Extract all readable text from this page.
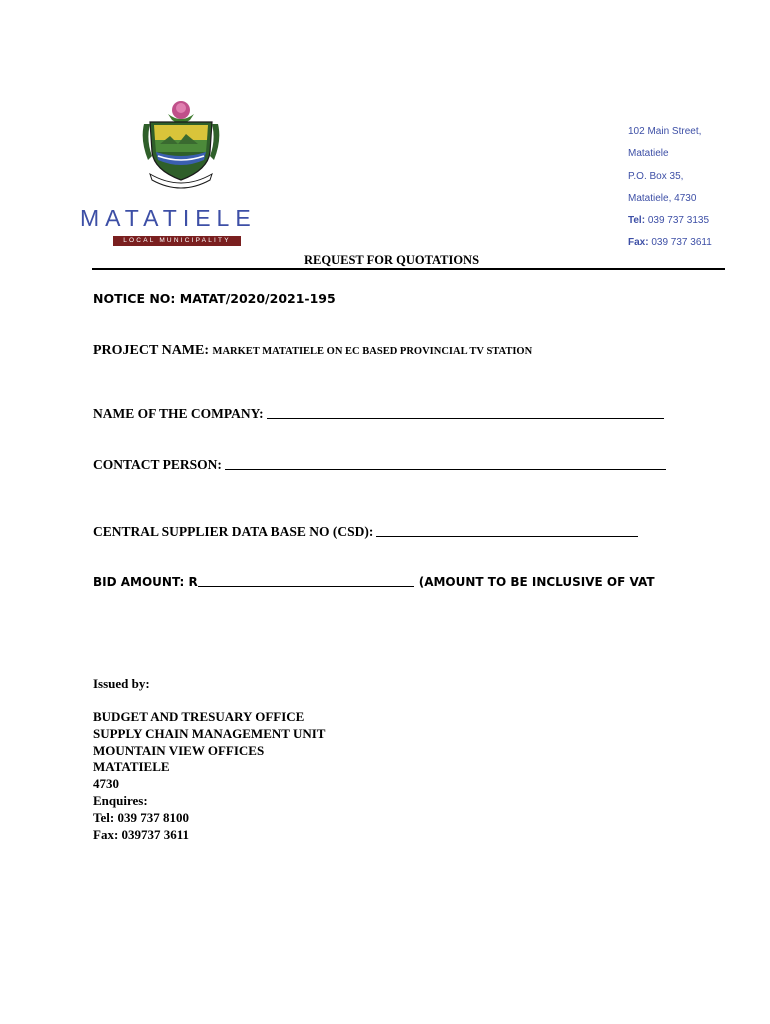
MATATIELE
LOCAL MUNICIPALITY
102 Main Street,
Matatiele
P.O. Box 35,
Matatiele, 4730
Tel: 039 737 3135
Fax: 039 737 3611
REQUEST FOR QUOTATIONS
NOTICE NO: MATAT/2020/2021-195
PROJECT NAME: MARKET MATATIELE ON EC BASED PROVINCIAL TV STATION
NAME OF THE COMPANY:
CONTACT PERSON:
CENTRAL SUPPLIER DATA BASE NO (CSD):
BID AMOUNT: R	(AMOUNT TO BE INCLUSIVE OF VAT
Issued by:
BUDGET AND TRESUARY OFFICE
SUPPLY CHAIN MANAGEMENT UNIT
MOUNTAIN VIEW OFFICES
MATATIELE
4730
Enquires:
Tel: 039 737 8100
Fax: 039737 3611
